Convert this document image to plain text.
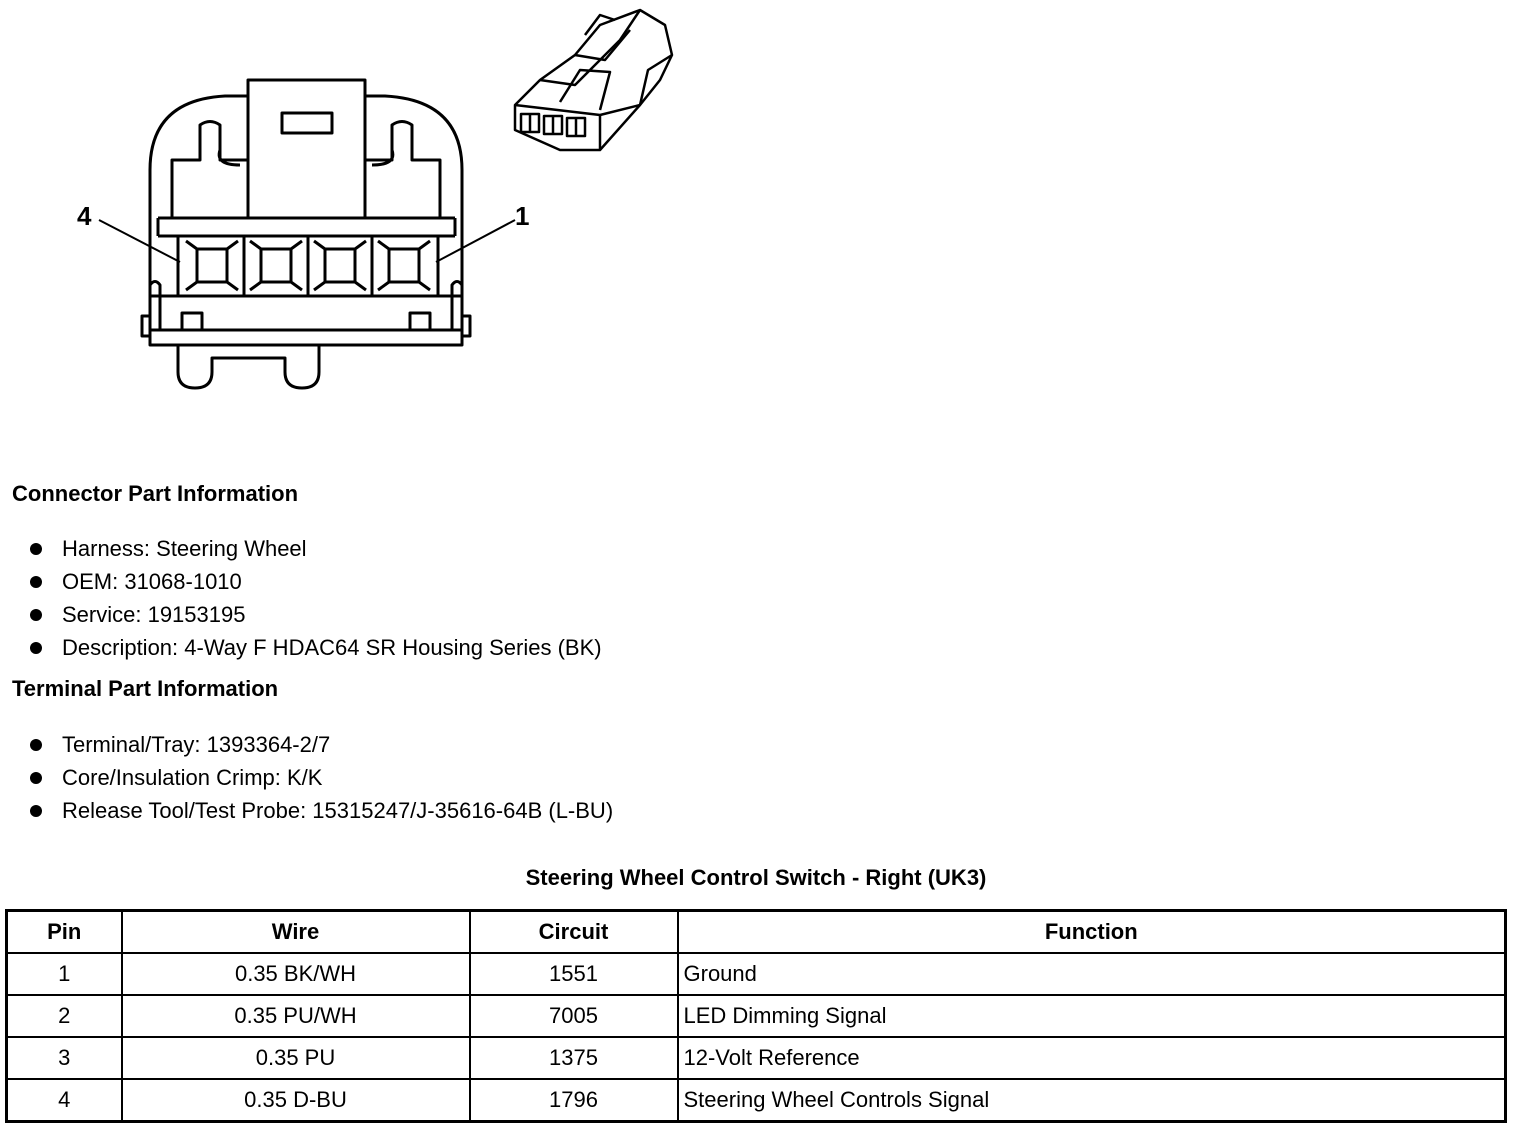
4	1
Connector Part Information
Harness: Steering Wheel
OEM: 31068-1010
Service: 19153195
Description: 4-Way F HDAC64 SR Housing Series (BK)
Terminal Part Information
Terminal/Tray: 1393364-2/7
Core/Insulation Crimp: K/K
Release Tool/Test Probe: 15315247/J-35616-64B (L-BU)
Steering Wheel Control Switch - Right (UK3)
Pin	Wire	Circuit	Function
1	0.35 BK/WH	1551	Ground
2	0.35 PU/WH	7005	LED Dimming Signal
3	0.35 PU	1375	12-Volt Reference
4	0.35 D-BU	1796	Steering Wheel Controls Signal
